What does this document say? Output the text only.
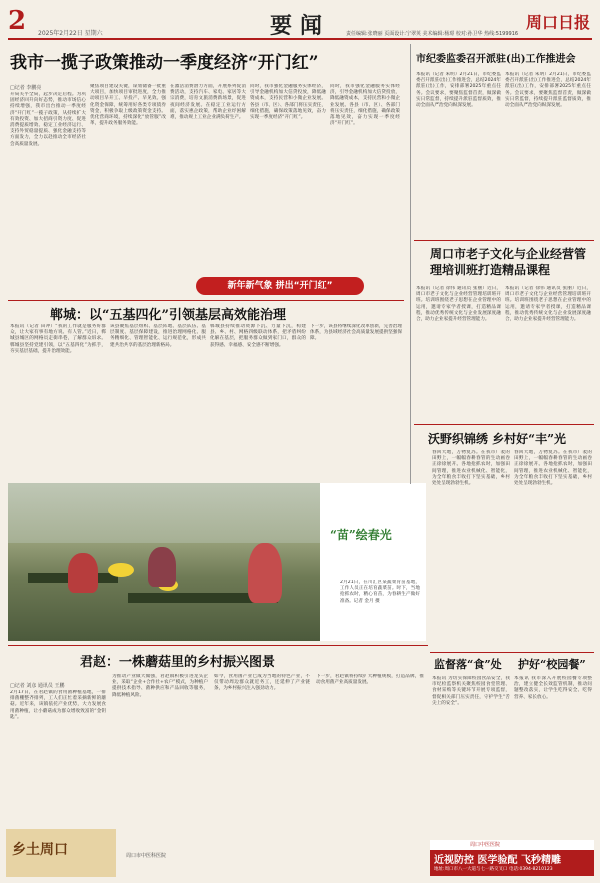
2 2025年2月22日 星期六	要闻	责任编辑:张晓丽 页面设计:宁翠英 美术编辑:杨璟 校对:孙卫华 热线:5199916
周口日报
我市一揽子政策推动一季度经济“开门红”
□记者 李鹏亮
开局关乎全局，起步决定后程。为巩固经济回升向好态势，推动市场信心持续增强，我市出台推动一季度经济“开门红”一揽子政策，从持续扩大有效投资、加大招商引资力度、促进消费提质增效、稳定工业经济运行、支持外贸稳量提质、强化金融支持等方面发力，全力以赴推动全市经济社会高质量发展。
聚焦项目建设关键，谋划储备一批重大项目，加快项目审批进度，全力推动项目早开工、早投产、早见效。强化资金保障，统筹用好各类专项债券资金，积极争取上级政策资金支持。优化营商环境，持续深化“放管服”改革，提升政务服务效能。
在激活消费潜力方面，开展系列促消费活动，支持汽车、家电、家居等大宗消费，培育文旅消费新场景，促进夜间经济发展。在稳定工业运行方面，落实惠企政策，帮助企业纾困解难，推动规上工业企业满负荷生产。
同时，我市强化金融服务实体经济，引导金融机构加大信贷投放，降低融资成本，支持民营和小微企业发展。各县（市、区）、各部门将压实责任，细化措施，确保政策落地见效，奋力实现一季度经济“开门红”。
同时，我市强化金融服务实体经济，引导金融机构加大信贷投放，降低融资成本，支持民营和小微企业发展。各县（市、区）、各部门将压实责任，细化措施，确保政策落地见效，奋力实现一季度经济“开门红”。
新年新气象 拼出“开门红”
郸城：以“五基四化”引领基层高效能治理
本报讯（记者 田冲）“我的工作就是服务好群众，让大家有事有地方说、有人管。”近日，郸城县城区的网格员走街串巷，了解群众诉求。郸城县坚持党建引领，以“五基四化”为抓手，夯实基层基础，提升治理效能。
该县聚焦基层组织、基层阵地、基层队伍、基层制度、基层保障建设，推进治理网格化、服务精细化、管理智能化、运行规范化，形成共建共治共享的基层治理新格局。
郸城县持续推动资源下沉、力量下沉，构建县、乡、村、网格四级联动体系，把矛盾纠纷化解在基层，把服务群众做到家门口，群众的获得感、幸福感、安全感不断增强。
下一步，该县将继续深化改革创新，完善治理体系，为县域经济社会高质量发展提供坚强保障。
“苗”绘春光
2月21日，在川汇区某蔬菜育苗基地，工作人员正在培育蔬菜苗。时下，当地抢抓农时，精心育苗，为春耕生产做好准备。记者 金月 摄
君赵：一株蘑菇里的乡村振兴图景
□记者 刘彦 通讯员 王鹏
2月17日，在君赵镇的食用菌种植基地，一排排菌棚整齐排列，工人们正忙着采摘新鲜的蘑菇。近年来，该镇依托产业优势，大力发展食用菌种植，让小蘑菇成为群众增收致富的“金钥匙”。
为推动产业做大做强，君赵镇积极引进龙头企业，采取“企业+合作社+农户”模式，为种植户提供技术指导、菌种供应和产品回收等服务，降低种植风险。
如今，食用菌产业已成为当地的特色产业，不仅带动周边群众就近务工，还延伸了产业链条，为乡村振兴注入强劲动力。
下一步，君赵镇将持续扩大种植规模，打造品牌，推动食用菌产业高质量发展。
乡土周口	周口市中医科医院
市纪委监委召开派驻(出)工作推进会
本报讯（记者 朱明）2月21日，市纪委监委召开派驻(出)工作推进会，总结2024年派驻(出)工作，安排部署2025年重点任务。会议要求，要聚焦监督首责，做深做实日常监督，持续提升派驻监督质效，推动全面从严治党向纵深发展。
本报讯（记者 朱明）2月21日，市纪委监委召开派驻(出)工作推进会，总结2024年派驻(出)工作，安排部署2025年重点任务。会议要求，要聚焦监督首责，做深做实日常监督，持续提升派驻监督质效，推动全面从严治党向纵深发展。
周口市老子文化与企业经营管理培训班打造精品课程
本报讯（记者 徐伟 通讯员 张丽）近日，周口市老子文化与企业经营管理培训班开班。培训班围绕老子思想在企业管理中的运用，邀请专家学者授课，打造精品课程，推动优秀传统文化与企业发展深度融合，助力企业家提升经营管理能力。
本报讯（记者 徐伟 通讯员 张丽）近日，周口市老子文化与企业经营管理培训班开班。培训班围绕老子思想在企业管理中的运用，邀请专家学者授课，打造精品课程，推动优秀传统文化与企业发展深度融合，助力企业家提升经营管理能力。
沃野织锦绣 乡村好“丰”光
春回大地，万物复苏。在我市广袤的田野上，一幅幅春耕春管的生动画卷正徐徐展开。各地抢抓农时，加强田间管理，推进农业机械化、智能化，为全年粮食丰收打下坚实基础，乡村处处呈现勃勃生机。
春回大地，万物复苏。在我市广袤的田野上，一幅幅春耕春管的生动画卷正徐徐展开。各地抢抓农时，加强田间管理，推进农业机械化、智能化，为全年粮食丰收打下坚实基础，乡村处处呈现勃勃生机。
监督落“食”处 护好“校园餐”
本报讯 为切实保障校园食品安全，我市纪检监察机关聚焦校园食堂管理、食材采购等关键环节开展专项监督，督促相关部门压实责任，守护学生“舌尖上的安全”。
本报讯 我市深入开展校园餐专项整治，建立健全长效监管机制，推动问题整改落实，让学生吃得安全、吃得营养、家长放心。
周口中医医院
近视防控 医学验配 飞秒精雕
地址:周口市八一大道与七一路交叉口 电话:0394-8210123
